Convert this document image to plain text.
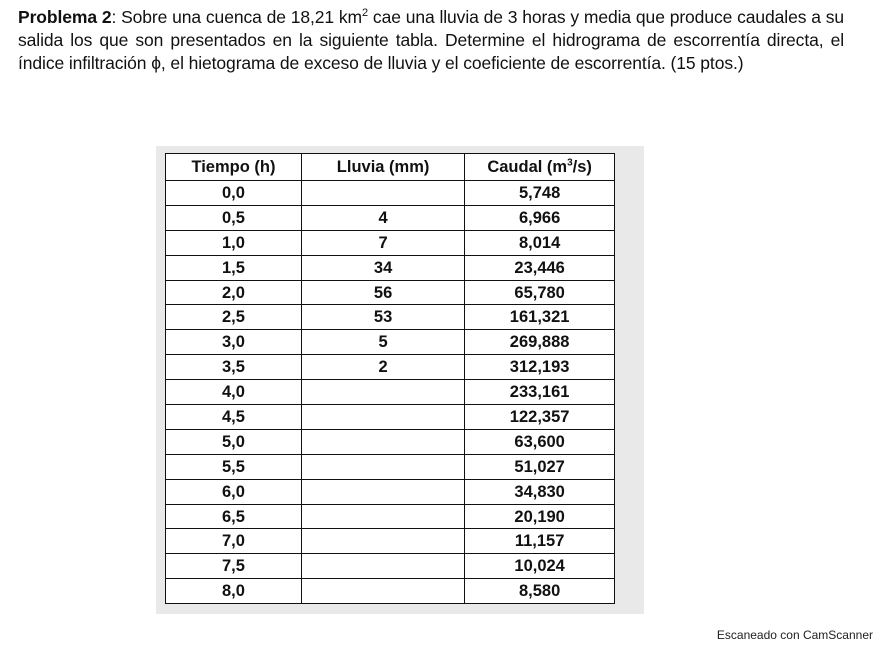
Problema 2: Sobre una cuenca de 18,21 $km^2$ cae una lluvia de 3 horas y media que produce caudales a su salida los que son presentados en la siguiente tabla. Determine el hidrograma de escorrentía directa, el índice infiltración ϕ, el hietograma de exceso de lluvia y el coeficiente de escorrentía. (15 ptos.)
Tiempo (h)	Lluvia (mm)	Caudal $(m^3/s)$
0,0		5,748
0,5	4	6,966
1,0	7	8,014
1,5	34	23,446
2,0	56	65,780
2,5	53	161,321
3,0	5	269,888
3,5	2	312,193
4,0		233,161
4,5		122,357
5,0		63,600
5,5		51,027
6,0		34,830
6,5		20,190
7,0		11,157
7,5		10,024
8,0		8,580
Escaneado con CamScanner
